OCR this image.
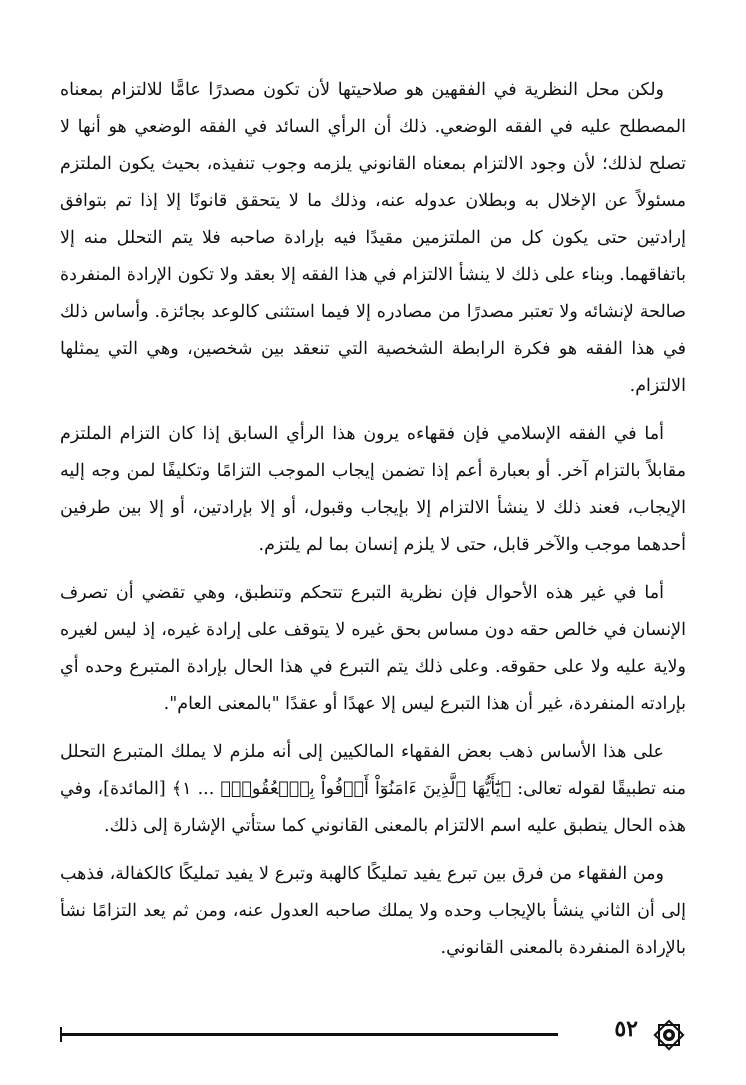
ولكن محل النظرية في الفقهين هو صلاحيتها لأن تكون مصدرًا عامًّا للالتزام بمعناه المصطلح عليه في الفقه الوضعي. ذلك أن الرأي السائد في الفقه الوضعي هو أنها لا تصلح لذلك؛ لأن وجود الالتزام بمعناه القانوني يلزمه وجوب تنفيذه، بحيث يكون الملتزم مسئولاً عن الإخلال به وبطلان عدوله عنه، وذلك ما لا يتحقق قانونًا إلا إذا تم بتوافق إرادتين حتى يكون كل من الملتزمين مقيدًا فيه بإرادة صاحبه فلا يتم التحلل منه إلا باتفاقهما. وبناء على ذلك لا ينشأ الالتزام في هذا الفقه إلا بعقد ولا تكون الإرادة المنفردة صالحة لإنشائه ولا تعتبر مصدرًا من مصادره إلا فيما استثنى كالوعد بجائزة. وأساس ذلك في هذا الفقه هو فكرة الرابطة الشخصية التي تنعقد بين شخصين، وهي التي يمثلها الالتزام.

أما في الفقه الإسلامي فإن فقهاءه يرون هذا الرأي السابق إذا كان التزام الملتزم مقابلاً بالتزام آخر. أو بعبارة أعم إذا تضمن إيجاب الموجب التزامًا وتكليفًا لمن وجه إليه الإيجاب، فعند ذلك لا ينشأ الالتزام إلا بإيجاب وقبول، أو إلا بإرادتين، أو إلا بين طرفين أحدهما موجب والآخر قابل، حتى لا يلزم إنسان بما لم يلتزم.

أما في غير هذه الأحوال فإن نظرية التبرع تتحكم وتنطبق، وهي تقضي أن تصرف الإنسان في خالص حقه دون مساس بحق غيره لا يتوقف على إرادة غيره، إذ ليس لغيره ولاية عليه ولا على حقوقه. وعلى ذلك يتم التبرع في هذا الحال بإرادة المتبرع وحده أي بإرادته المنفردة، غير أن هذا التبرع ليس إلا عهدًا أو عقدًا "بالمعنى العام".

على هذا الأساس ذهب بعض الفقهاء المالكيين إلى أنه ملزم لا يملك المتبرع التحلل منه تطبيقًا لقوله تعالى: ﴿يَٰٓأَيُّهَا ٱلَّذِينَ ءَامَنُوٓاْ أَوۡفُواْ بِٱلۡعُقُودِۚ ... ١﴾ [المائدة]، وفي هذه الحال ينطبق عليه اسم الالتزام بالمعنى القانوني كما ستأتي الإشارة إلى ذلك.

ومن الفقهاء من فرق بين تبرع يفيد تمليكًا كالهبة وتبرع لا يفيد تمليكًا كالكفالة، فذهب إلى أن الثاني ينشأ بالإيجاب وحده ولا يملك صاحبه العدول عنه، ومن ثم يعد التزامًا نشأ بالإرادة المنفردة بالمعنى القانوني.

٥٢
